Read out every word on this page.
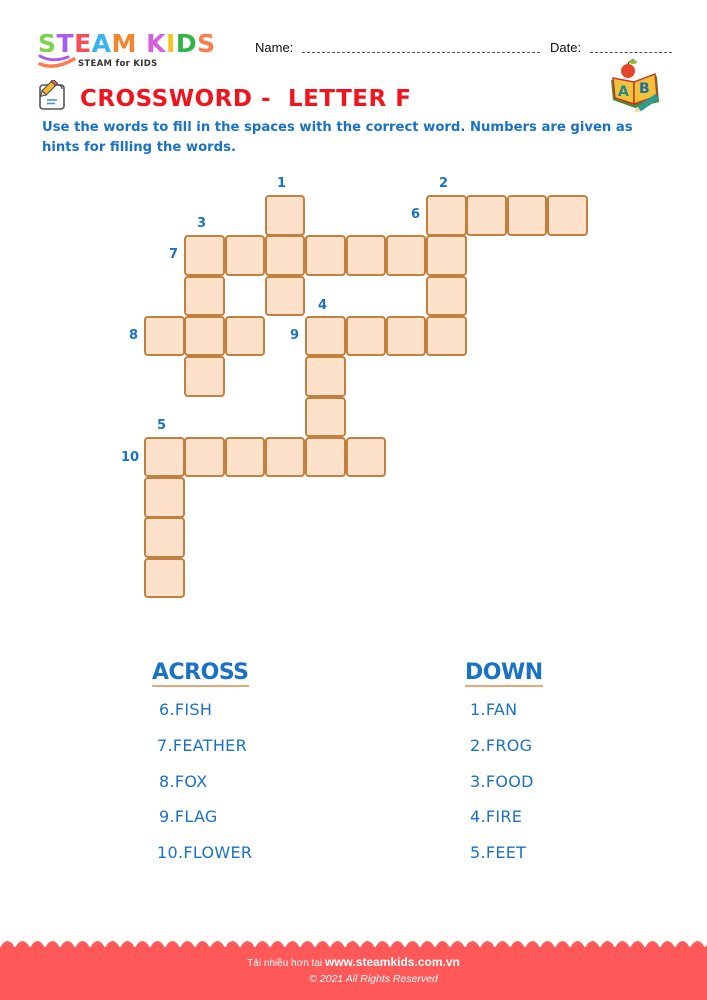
STEAM KIDS
STEAM for KIDS
Name:	Date:
CROSSWORD -  LETTER F	A B
Use the words to fill in the spaces with the correct word. Numbers are given as hints for filling the words.
1	2
3
6
7
4
8	9
5
10
ACROSS	DOWN
6.FISH
7.FEATHER
8.FOX
9.FLAG
10.FLOWER
1.FAN
2.FROG
3.FOOD
4.FIRE
5.FEET
Tải nhiều hơn tại www.steamkids.com.vn
© 2021 All Rights Reserved
